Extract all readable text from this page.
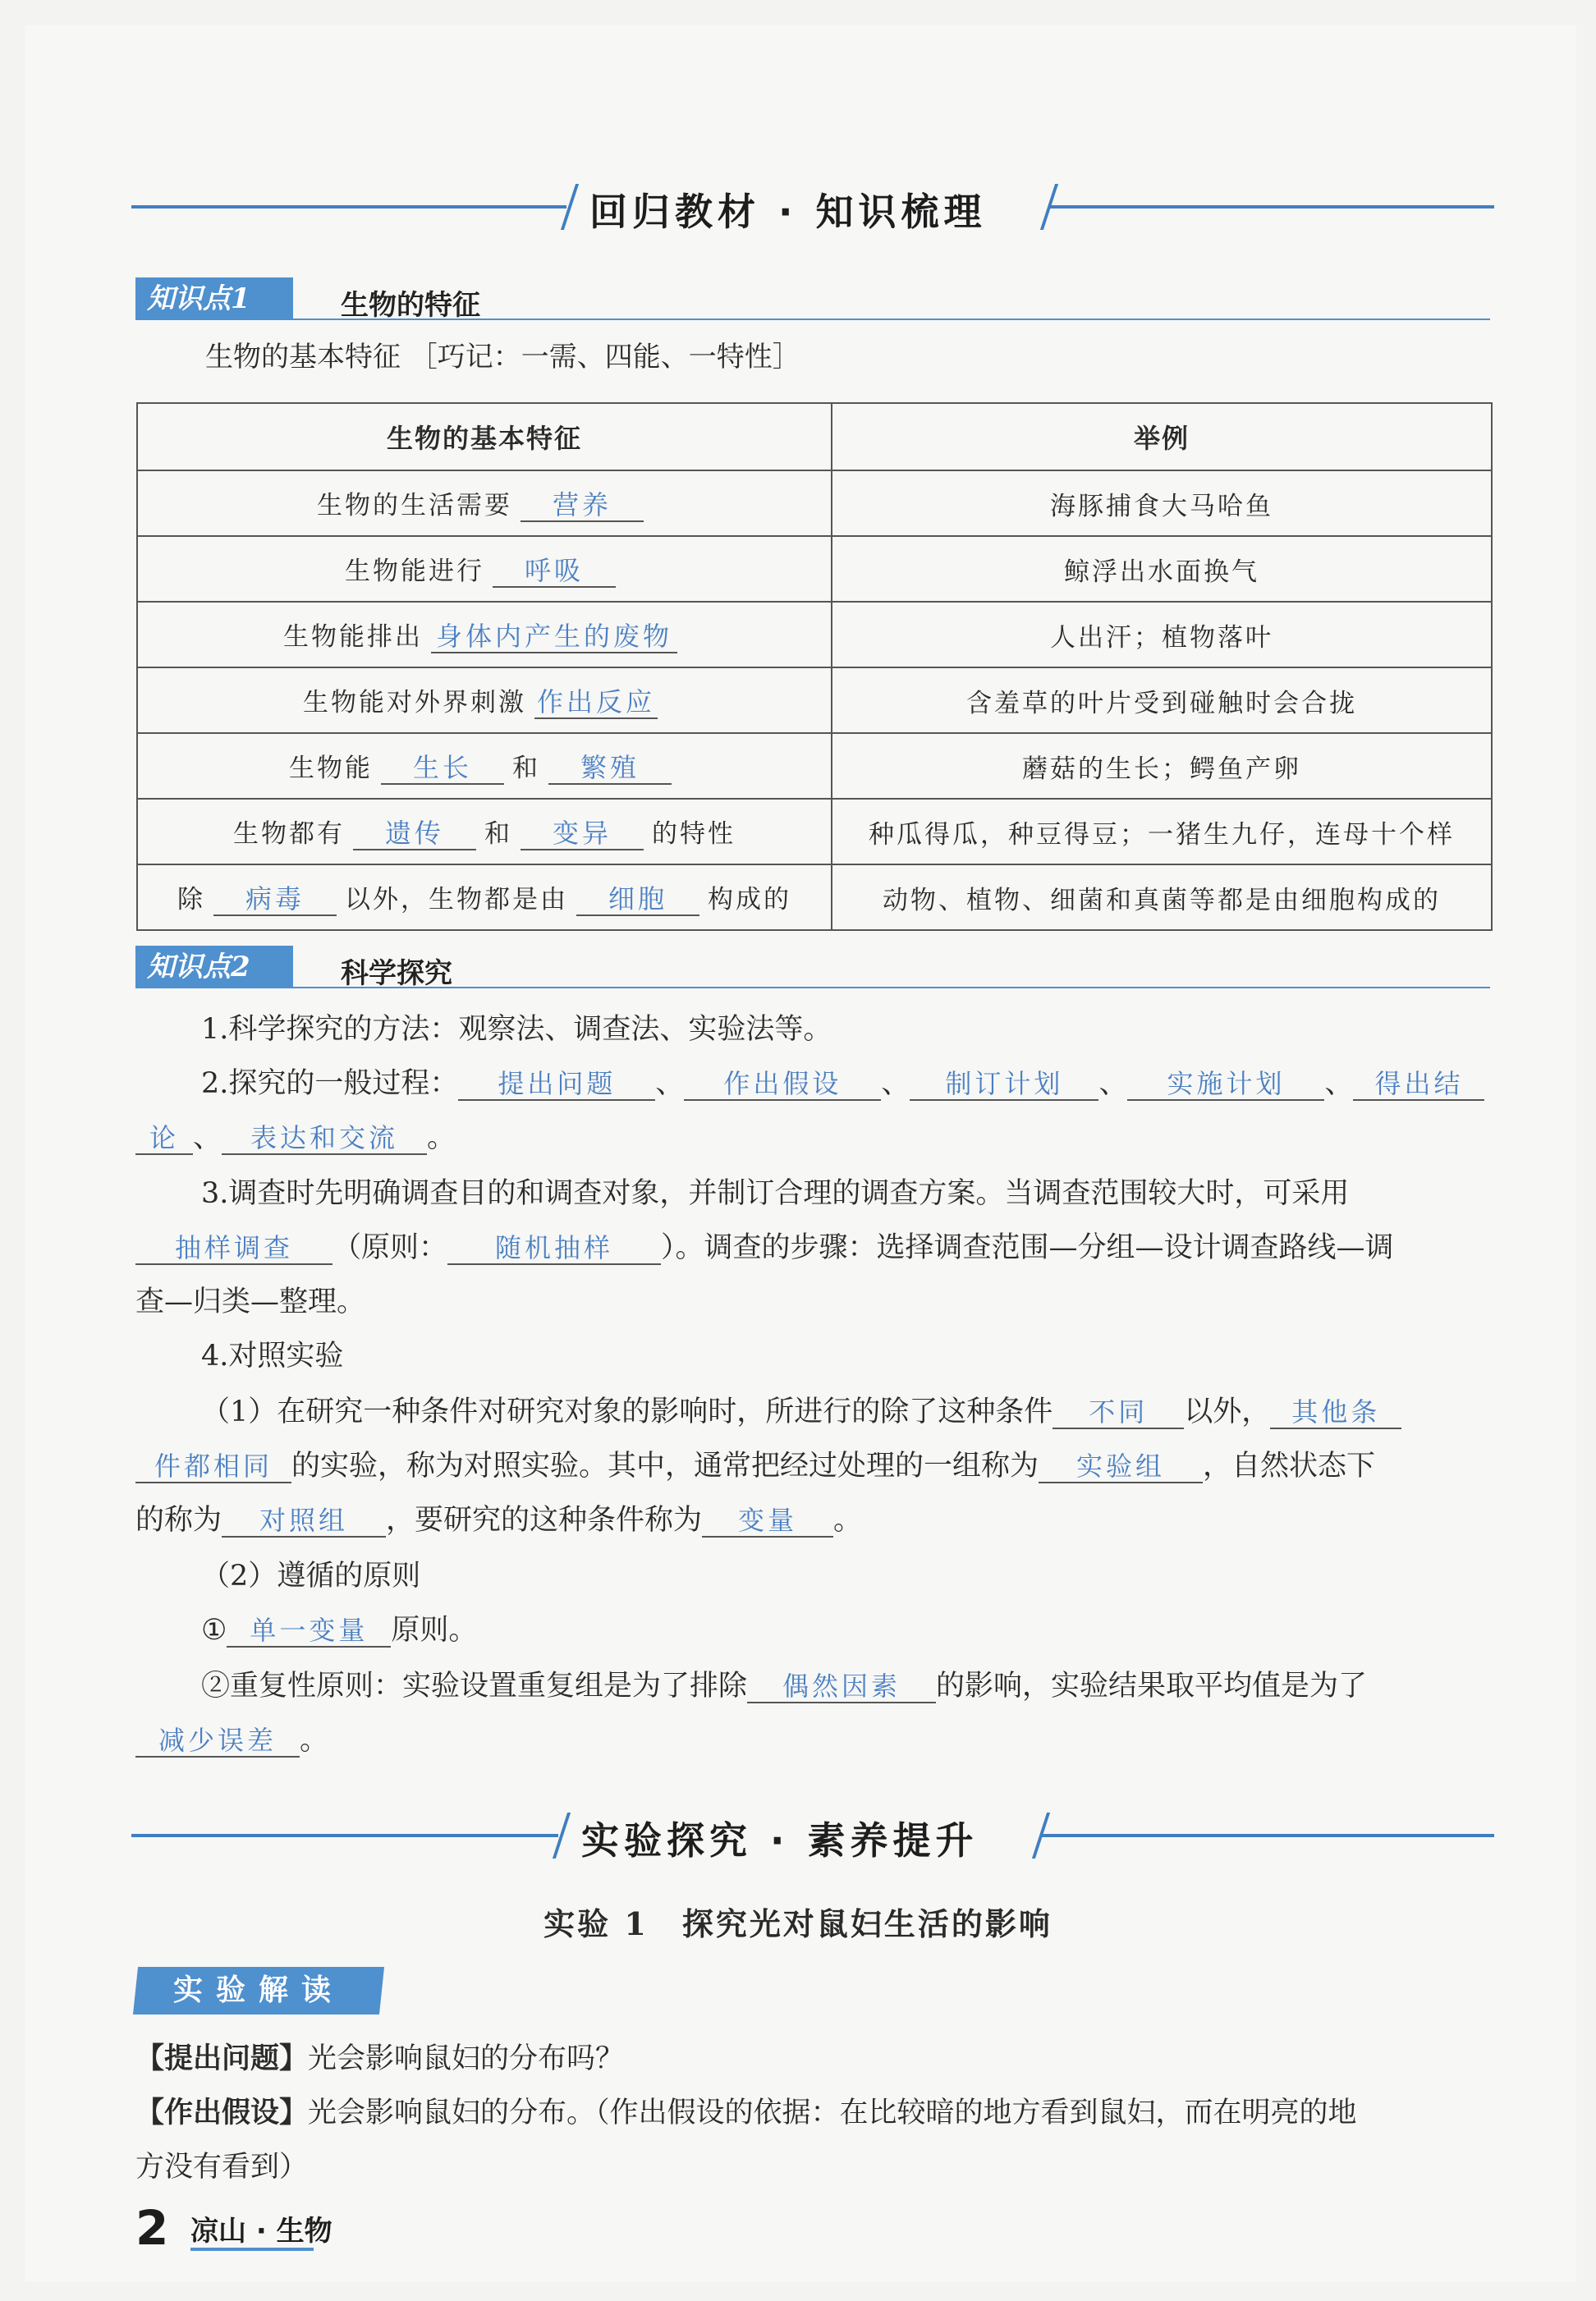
回归教材 · 知识梳理
知识点1	生物的特征
生物的基本特征 ［巧记：一需、四能、一特性］
生物的基本特征	举例
生物的生活需要 营养	海豚捕食大马哈鱼
生物能进行 呼吸	鲸浮出水面换气
生物能排出 身体内产生的废物	人出汗；植物落叶
生物能对外界刺激 作出反应	含羞草的叶片受到碰触时会合拢
生物能 生长 和 繁殖	蘑菇的生长；鳄鱼产卵
生物都有 遗传 和 变异 的特性	种瓜得瓜，种豆得豆；一猪生九仔，连母十个样
除 病毒 以外，生物都是由 细胞 构成的	动物、植物、细菌和真菌等都是由细胞构成的
知识点2	科学探究
1.科学探究的方法：观察法、调查法、实验法等。
2.探究的一般过程： 提出问题 、 作出假设 、 制订计划 、 实施计划 、 得出结
论 、 表达和交流 。
3.调查时先明确调查目的和调查对象，并制订合理的调查方案。当调查范围较大时，可采用
抽样调查 （原则： 随机抽样 ）。调查的步骤：选择调查范围—分组—设计调查路线—调
查—归类—整理。
4.对照实验
（1）在研究一种条件对研究对象的影响时，所进行的除了这种条件 不同 以外， 其他条
件都相同 的实验，称为对照实验。其中，通常把经过处理的一组称为 实验组 ，自然状态下
的称为 对照组 ，要研究的这种条件称为 变量 。
（2）遵循的原则
① 单一变量 原则。
②重复性原则：实验设置重复组是为了排除 偶然因素 的影响，实验结果取平均值是为了
减少误差 。
实验探究 · 素养提升
实验 1　探究光对鼠妇生活的影响
实验解读
【提出问题】光会影响鼠妇的分布吗？
【作出假设】光会影响鼠妇的分布。（作出假设的依据：在比较暗的地方看到鼠妇，而在明亮的地
方没有看到）
2 凉山 · 生物
